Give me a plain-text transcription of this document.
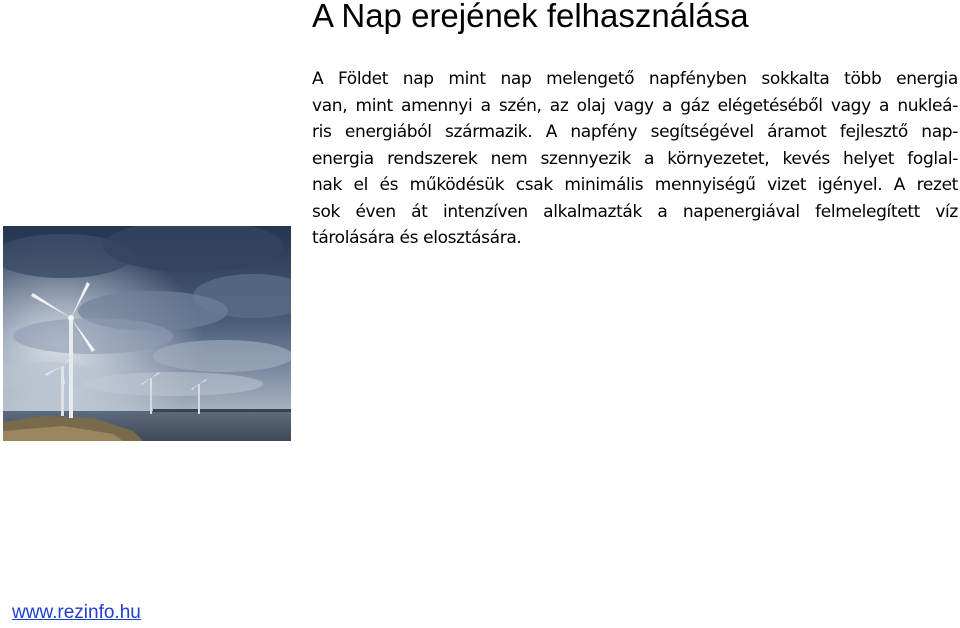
A Nap erejének felhasználása

A Földet nap mint nap melengető napfényben sokkalta több energia
van, mint amennyi a szén, az olaj vagy a gáz elégetéséből vagy a nukleá-
ris energiából származik. A napfény segítségével áramot fejlesztő nap-
energia rendszerek nem szennyezik a környezetet, kevés helyet foglal-
nak el és működésük csak minimális mennyiségű vizet igényel. A rezet
sok éven át intenzíven alkalmazták a napenergiával felmelegített víz
tárolására és elosztására.

www.rezinfo.hu
